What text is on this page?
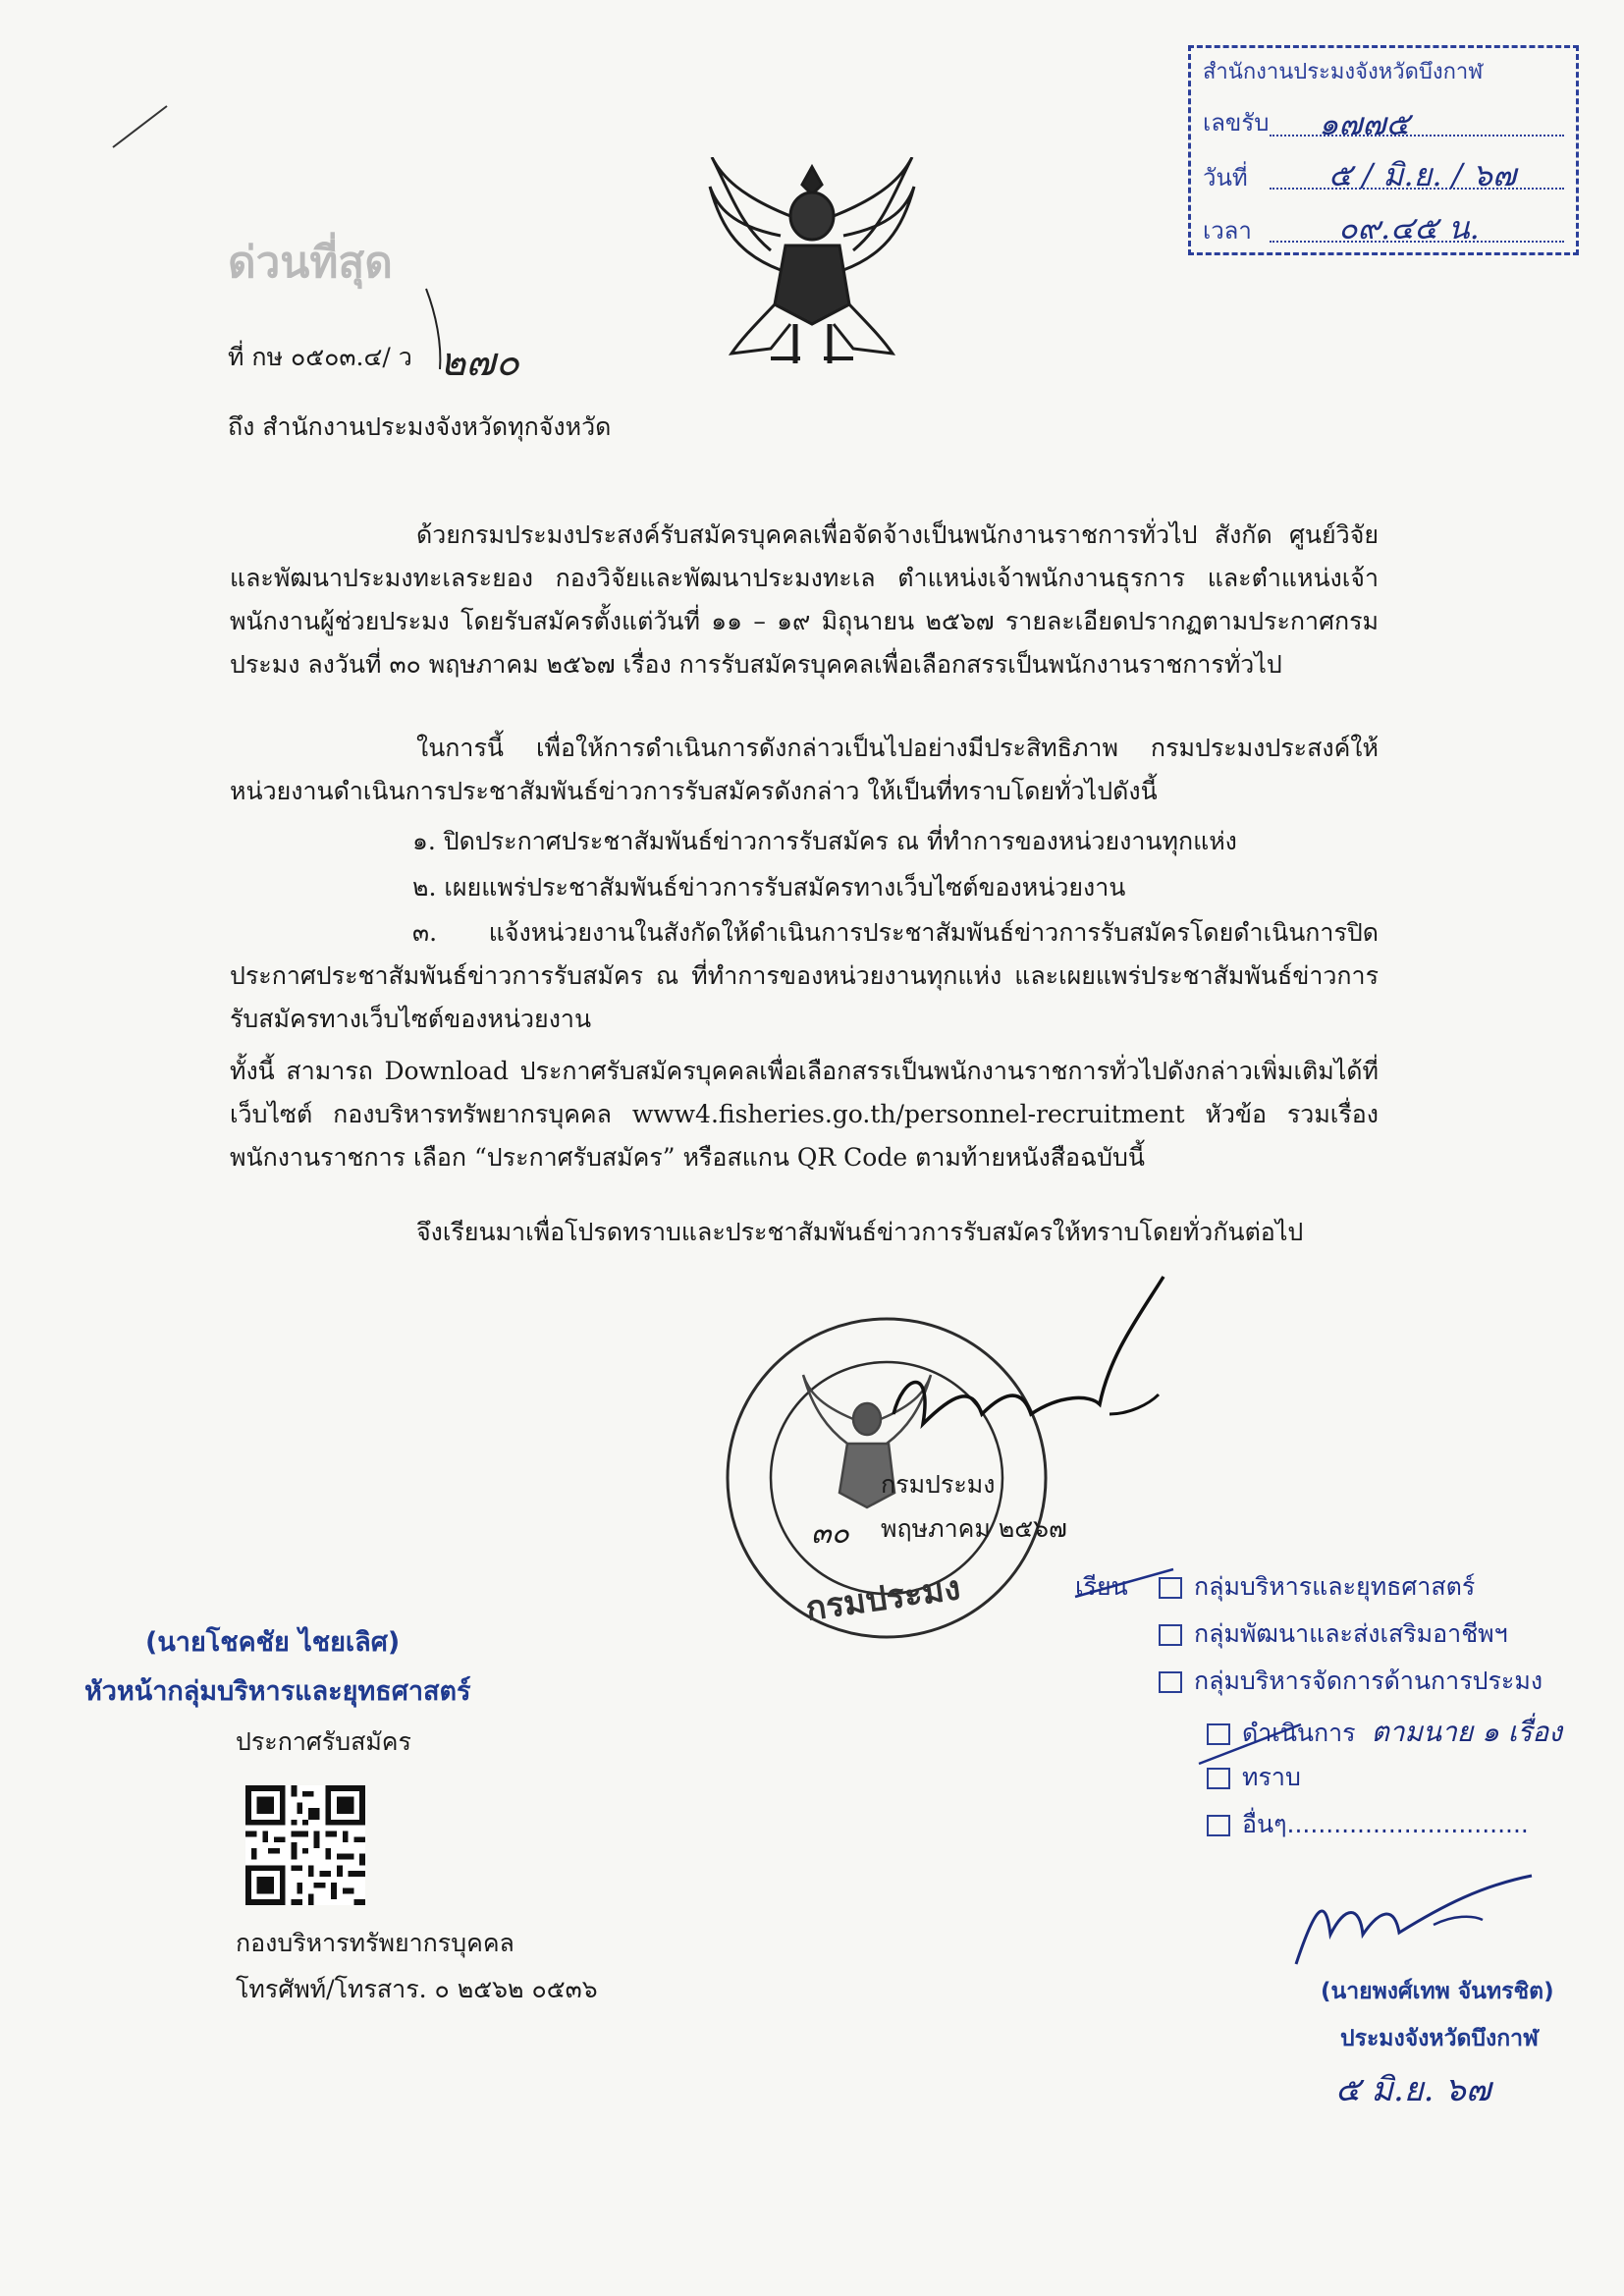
ด่วนที่สุด
สำนักงานประมงจังหวัดบึงกาฬ
เลขรับ ๑๗๗๕
วันที่	๕ / มิ.ย. / ๖๗
เวลา	๐๙.๔๕ น.
ที่ กษ ๐๕๐๓.๔/ ว ๒๗๐
ถึง สำนักงานประมงจังหวัดทุกจังหวัด
ด้วยกรมประมงประสงค์รับสมัครบุคคลเพื่อจัดจ้างเป็นพนักงานราชการทั่วไป สังกัด ศูนย์วิจัยและพัฒนาประมงทะเลระยอง กองวิจัยและพัฒนาประมงทะเล ตำแหน่งเจ้าพนักงานธุรการ และตำแหน่งเจ้าพนักงานผู้ช่วยประมง โดยรับสมัครตั้งแต่วันที่ ๑๑ – ๑๙ มิถุนายน ๒๕๖๗ รายละเอียดปรากฏตามประกาศกรมประมง ลงวันที่ ๓๐ พฤษภาคม ๒๕๖๗ เรื่อง การรับสมัครบุคคลเพื่อเลือกสรรเป็นพนักงานราชการทั่วไป
ในการนี้ เพื่อให้การดำเนินการดังกล่าวเป็นไปอย่างมีประสิทธิภาพ กรมประมงประสงค์ให้หน่วยงานดำเนินการประชาสัมพันธ์ข่าวการรับสมัครดังกล่าว ให้เป็นที่ทราบโดยทั่วไปดังนี้
๑. ปิดประกาศประชาสัมพันธ์ข่าวการรับสมัคร ณ ที่ทำการของหน่วยงานทุกแห่ง
๒. เผยแพร่ประชาสัมพันธ์ข่าวการรับสมัครทางเว็บไซต์ของหน่วยงาน
๓. แจ้งหน่วยงานในสังกัดให้ดำเนินการประชาสัมพันธ์ข่าวการรับสมัครโดยดำเนินการปิดประกาศประชาสัมพันธ์ข่าวการรับสมัคร ณ ที่ทำการของหน่วยงานทุกแห่ง และเผยแพร่ประชาสัมพันธ์ข่าวการรับสมัครทางเว็บไซต์ของหน่วยงาน
ทั้งนี้ สามารถ Download ประกาศรับสมัครบุคคลเพื่อเลือกสรรเป็นพนักงานราชการทั่วไปดังกล่าวเพิ่มเติมได้ที่เว็บไซต์ กองบริหารทรัพยากรบุคคล www4.fisheries.go.th/personnel-recruitment หัวข้อ รวมเรื่องพนักงานราชการ เลือก “ประกาศรับสมัคร” หรือสแกน QR Code ตามท้ายหนังสือฉบับนี้
จึงเรียนมาเพื่อโปรดทราบและประชาสัมพันธ์ข่าวการรับสมัครให้ทราบโดยทั่วกันต่อไป
กรมประมง
กรมประมง
๓๐ พฤษภาคม ๒๕๖๗
เรียน	กลุ่มบริหารและยุทธศาสตร์
กลุ่มพัฒนาและส่งเสริมอาชีพฯ
กลุ่มบริหารจัดการด้านการประมง
ดำเนินการ ตามนาย ๑ เรื่อง
ทราบ
อื่นๆ...............................
(นายโชคชัย ไชยเลิศ)
หัวหน้ากลุ่มบริหารและยุทธศาสตร์
ประกาศรับสมัคร
กองบริหารทรัพยากรบุคคล
โทรศัพท์/โทรสาร. ๐ ๒๕๖๒ ๐๕๓๖	(นายพงศ์เทพ จันทรชิต)
ประมงจังหวัดบึงกาฬ
๕ มิ.ย. ๖๗
